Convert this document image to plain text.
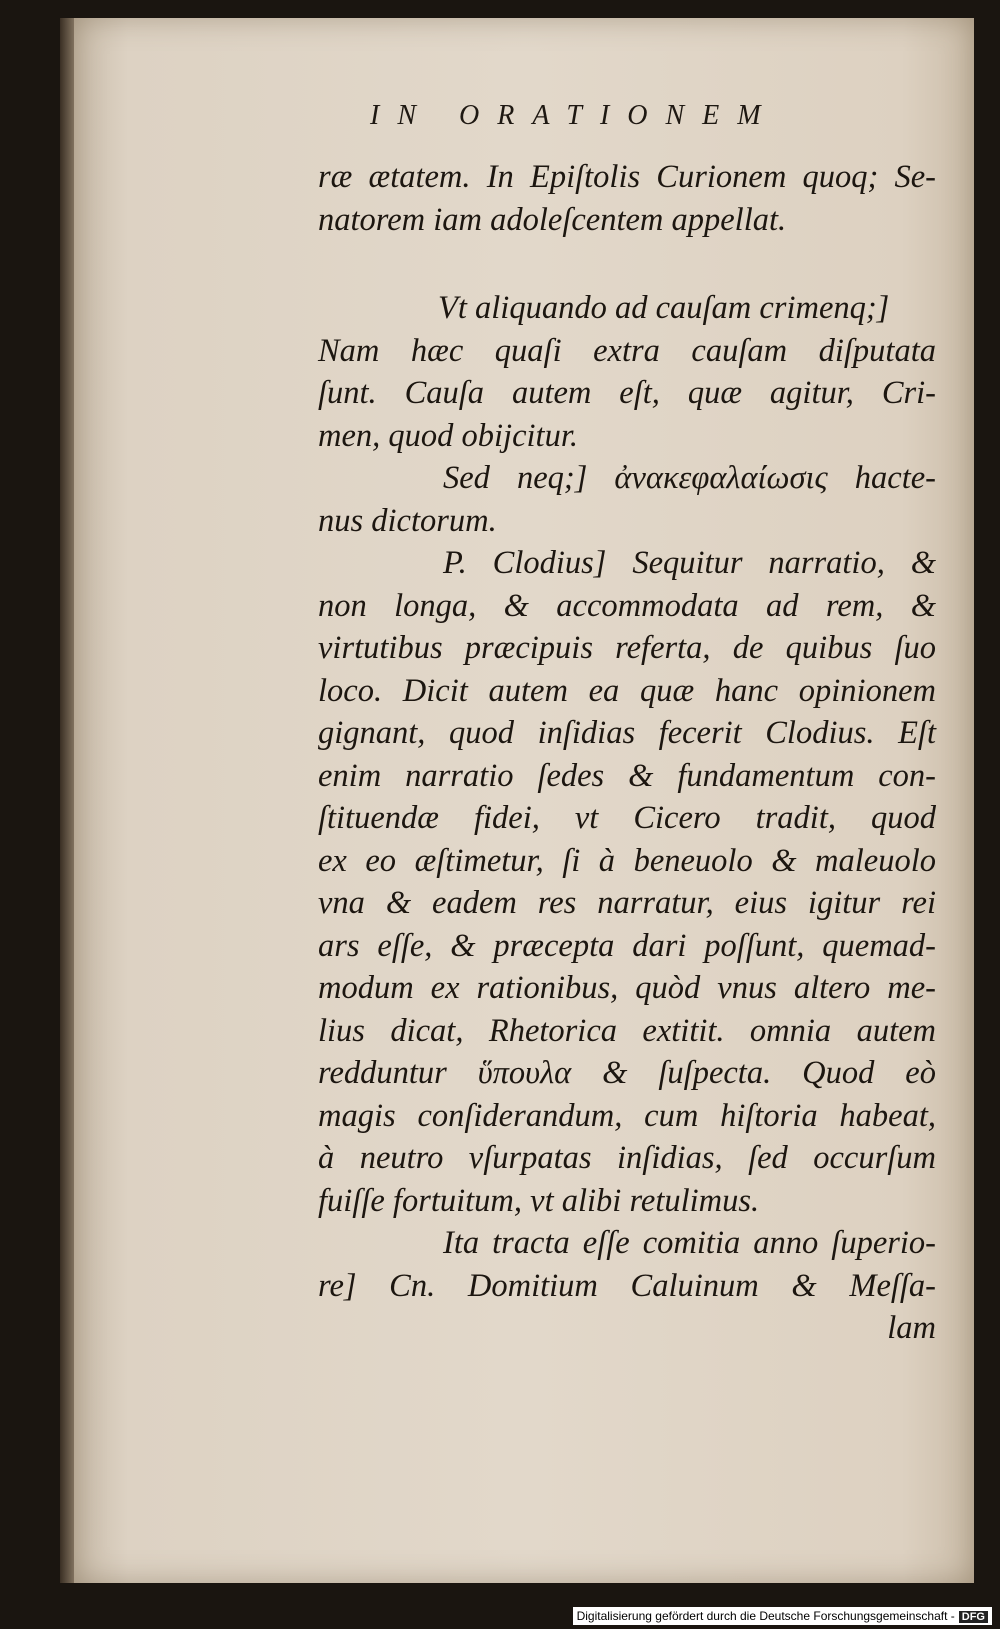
IN ORATIONEM
ræ ætatem. In Epiſtolis Curionem quoq; Se-
natorem iam adoleſcentem appellat.
Vt aliquando ad cauſam crimenq;]
Nam hæc quaſi extra cauſam diſputata
ſunt. Cauſa autem eſt, quæ agitur, Cri-
men, quod obijcitur.
Sed neq;] ἀνακεφαλαίωσις hacte-
nus dictorum.
P. Clodius] Sequitur narratio, &
non longa, & accommodata ad rem, &
virtutibus præcipuis referta, de quibus ſuo
loco. Dicit autem ea quæ hanc opinionem
gignant, quod inſidias fecerit Clodius. Eſt
enim narratio ſedes & fundamentum con-
ſtituendæ fidei, vt Cicero tradit, quod
ex eo æſtimetur, ſi à beneuolo & maleuolo
vna & eadem res narratur, eius igitur rei
ars eſſe, & præcepta dari poſſunt, quemad-
modum ex rationibus, quòd vnus altero me-
lius dicat, Rhetorica extitit. omnia autem
redduntur ὕπουλα & ſuſpecta. Quod eò
magis conſiderandum, cum hiſtoria habeat,
à neutro vſurpatas inſidias, ſed occurſum
fuiſſe fortuitum, vt alibi retulimus.
Ita tracta eſſe comitia anno ſuperio-
re] Cn. Domitium Caluinum & Meſſa-
lam
Digitalisierung gefördert durch die Deutsche Forschungsgemeinschaft - DFG
